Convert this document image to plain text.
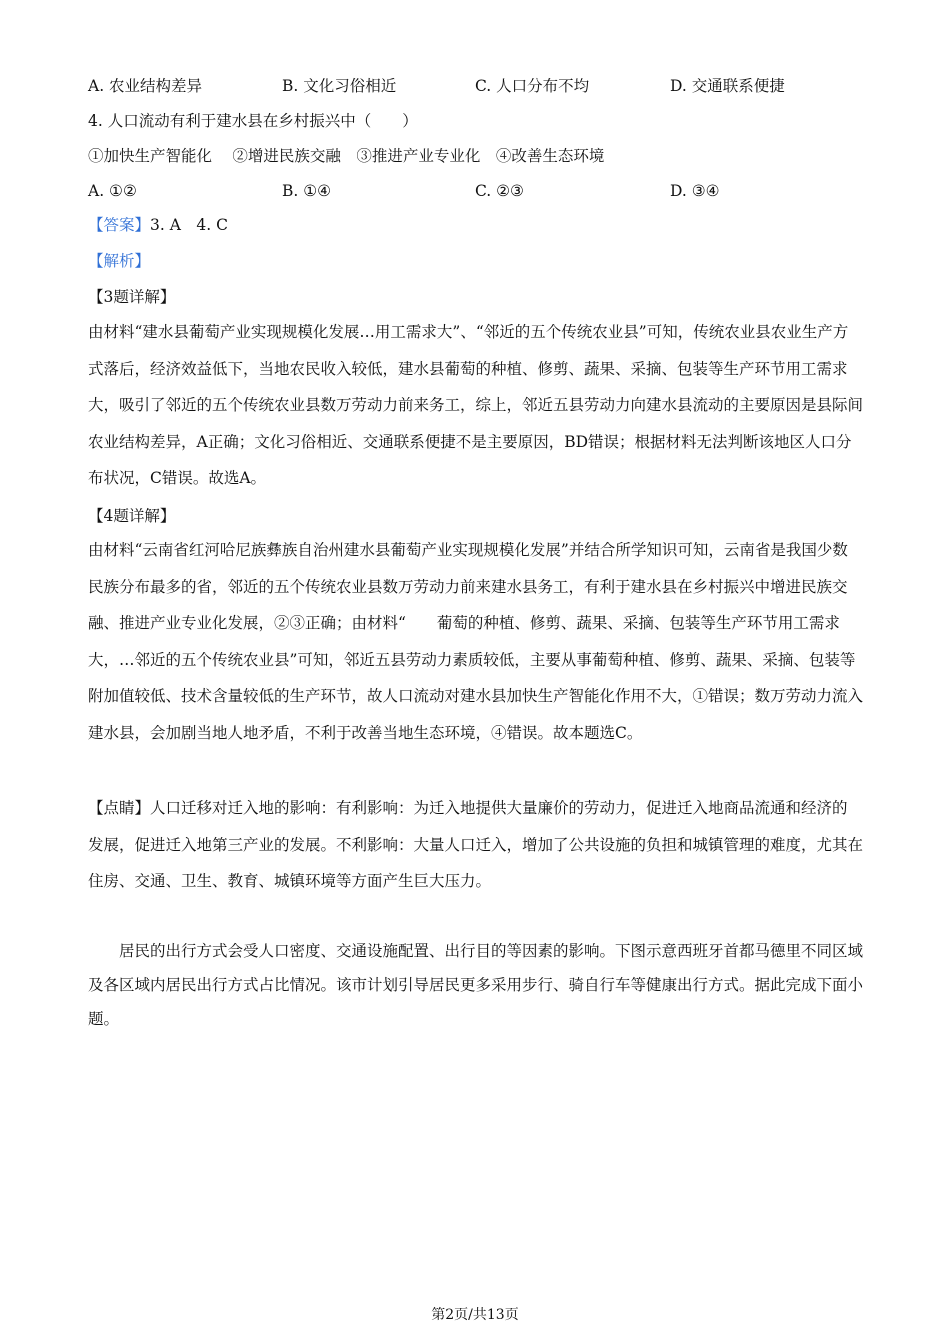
A. 农业结构差异	B. 文化习俗相近	C. 人口分布不均	D. 交通联系便捷
4. 人口流动有利于建水县在乡村振兴中（　　）
①加快生产智能化　 ②增进民族交融　③推进产业专业化　④改善生态环境
A. ①②	B. ①④	C. ②③	D. ③④
【答案】3. A　4. C
【解析】
【3题详解】
由材料“建水县葡萄产业实现规模化发展…用工需求大”、“邻近的五个传统农业县”可知，传统农业县农业生产方式落后，经济效益低下，当地农民收入较低，建水县葡萄的种植、修剪、蔬果、采摘、包装等生产环节用工需求大，吸引了邻近的五个传统农业县数万劳动力前来务工，综上，邻近五县劳动力向建水县流动的主要原因是县际间农业结构差异，A正确；文化习俗相近、交通联系便捷不是主要原因，BD错误；根据材料无法判断该地区人口分布状况，C错误。故选A。
【4题详解】
由材料“云南省红河哈尼族彝族自治州建水县葡萄产业实现规模化发展”并结合所学知识可知，云南省是我国少数民族分布最多的省，邻近的五个传统农业县数万劳动力前来建水县务工，有利于建水县在乡村振兴中增进民族交融、推进产业专业化发展，②③正确；由材料“　　葡萄的种植、修剪、蔬果、采摘、包装等生产环节用工需求大，…邻近的五个传统农业县”可知，邻近五县劳动力素质较低，主要从事葡萄种植、修剪、蔬果、采摘、包装等附加值较低、技术含量较低的生产环节，故人口流动对建水县加快生产智能化作用不大，①错误；数万劳动力流入建水县，会加剧当地人地矛盾，不利于改善当地生态环境，④错误。故本题选C。
【点睛】人口迁移对迁入地的影响：有利影响：为迁入地提供大量廉价的劳动力，促进迁入地商品流通和经济的发展，促进迁入地第三产业的发展。不利影响：大量人口迁入，增加了公共设施的负担和城镇管理的难度，尤其在住房、交通、卫生、教育、城镇环境等方面产生巨大压力。
居民的出行方式会受人口密度、交通设施配置、出行目的等因素的影响。下图示意西班牙首都马德里不同区域及各区域内居民出行方式占比情况。该市计划引导居民更多采用步行、骑自行车等健康出行方式。据此完成下面小题。
第2页/共13页
